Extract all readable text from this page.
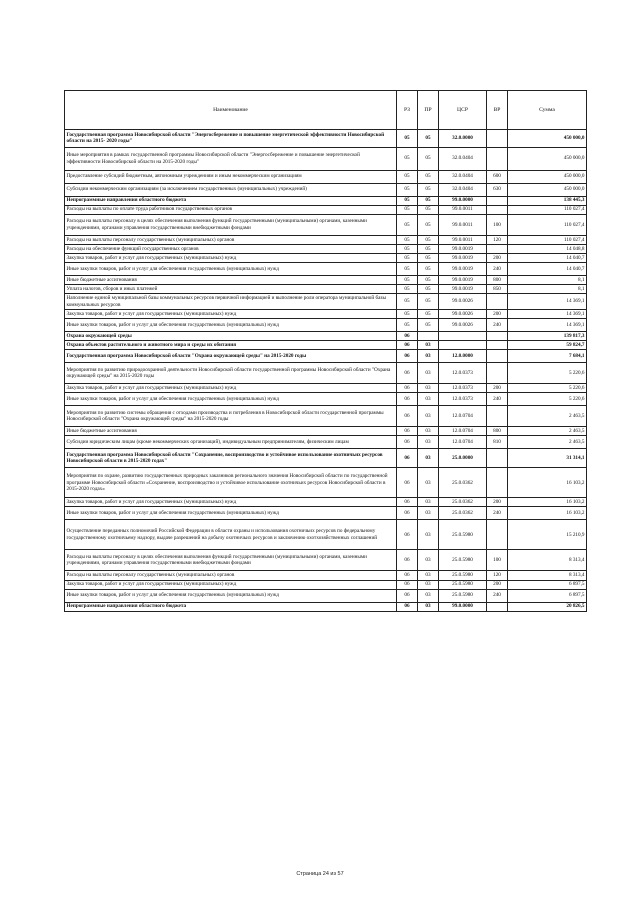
Наименование	РЗ	ПР	ЦСР	ВР	Сумма
Государственная программа Новосибирской области "Энергосбережение и повышение энергетической эффективности Новосибирской области на 2015- 2020 годы"	05	05	32.0.0000		450 000,0
Иные мероприятия в рамках государственной программы Новосибирской области "Энергосбережение и повышение энергетической эффективности Новосибирской области на 2015-2020 годы"	05	05	32.0.0404		450 000,0
Предоставление субсидий бюджетным, автономным учреждениям и иным некоммерческим организациям	05	05	32.0.0404	600	450 000,0
Субсидии некоммерческим организациям (за исключением государственных (муниципальных) учреждений)	05	05	32.0.0404	630	450 000,0
Непрограммные направления областного бюджета	05	05	99.0.0000		138 445,3
Расходы на выплаты по оплате труда работников государственных органов	05	05	99.0.0011		110 027,4
Расходы на выплаты персоналу в целях обеспечения выполнения функций государственными (муниципальными) органами, казенными учреждениями, органами управления государственными внебюджетными фондами	05	05	99.0.0011	100	110 027,4
Расходы на выплаты персоналу государственных (муниципальных) органов	05	05	99.0.0011	120	110 027,4
Расходы на обеспечение функций государственных органов	05	05	99.0.0019		14 048,8
Закупка товаров, работ и услуг для государственных (муниципальных) нужд	05	05	99.0.0019	200	14 040,7
Иные закупки товаров, работ и услуг для обеспечения государственных (муниципальных) нужд	05	05	99.0.0019	240	14 040,7
Иные бюджетные ассигнования	05	05	99.0.0019	800	8,1
Уплата налогов, сборов и иных платежей	05	05	99.0.0019	850	8,1
Наполнение единой муниципальной базы коммунальных ресурсов первичной информацией и выполнение роли оператора муниципальной базы коммунальных ресурсов	05	05	99.0.0026		14 369,1
Закупка товаров, работ и услуг для государственных (муниципальных) нужд	05	05	99.0.0026	200	14 369,1
Иные закупки товаров, работ и услуг для обеспечения государственных (муниципальных) нужд	05	05	99.0.0026	240	14 369,1
Охрана окружающей среды	06				139 817,3
Охрана объектов растительного и животного мира и среды их обитания	06	03			59 824,7
Государственная программа Новосибирской области "Охрана окружающей среды" на 2015-2020 годы	06	03	12.0.0000		7 684,1
Мероприятия по развитию природоохранной деятельности Новосибирской области государственной программы Новосибирской области "Охрана окружающей среды" на 2015-2020 годы	06	03	12.0.0373		5 220,6
Закупка товаров, работ и услуг для государственных (муниципальных) нужд	06	03	12.0.0373	200	5 220,6
Иные закупки товаров, работ и услуг для обеспечения государственных (муниципальных) нужд	06	03	12.0.0373	240	5 220,6
Мероприятия по развитию системы обращения с отходами производства и потребления в Новосибирской области государственной программы Новосибирской области "Охрана окружающей среды" на 2015-2020 годы	06	03	12.0.0704		2 463,5
Иные бюджетные ассигнования	06	03	12.0.0704	800	2 463,5
Субсидии юридическим лицам (кроме некоммерческих организаций), индивидуальным предпринимателям, физическим лицам	06	03	12.0.0704	810	2 463,5
Государственная программа Новосибирской области "Сохранение, воспроизводство и устойчивое использование охотничьих ресурсов Новосибирской области в 2015-2020 годах"	06	03	25.0.0000		31 314,1
Мероприятия по охране, развитию государственных природных заказников регионального значения Новосибирской области по государственной программе Новосибирской области «Сохранение, воспроизводство и устойчивое использование охотничьих ресурсов Новосибирской области в 2015-2020 годах»	06	03	25.0.0362		16 103,2
Закупка товаров, работ и услуг для государственных (муниципальных) нужд	06	03	25.0.0362	200	16 103,2
Иные закупки товаров, работ и услуг для обеспечения государственных (муниципальных) нужд	06	03	25.0.0362	240	16 103,2
Осуществление переданных полномочий Российской Федерации в области охраны и использования охотничьих ресурсов по федеральному государственному охотничьему надзору, выдаче разрешений на добычу охотничьих ресурсов и заключению охотхозяйственных соглашений	06	03	25.0.5980		15 210,9
Расходы на выплаты персоналу в целях обеспечения выполнения функций государственными (муниципальными) органами, казенными учреждениями, органами управления государственными внебюджетными фондами	06	03	25.0.5980	100	8 313,4
Расходы на выплаты персоналу государственных (муниципальных) органов	06	03	25.0.5980	120	8 313,4
Закупка товаров, работ и услуг для государственных (муниципальных) нужд	06	03	25.0.5980	200	6 897,5
Иные закупки товаров, работ и услуг для обеспечения государственных (муниципальных) нужд	06	03	25.0.5980	240	6 897,5
Непрограммные направления областного бюджета	06	03	99.0.0000		20 826,5
Страница 24 из 57
